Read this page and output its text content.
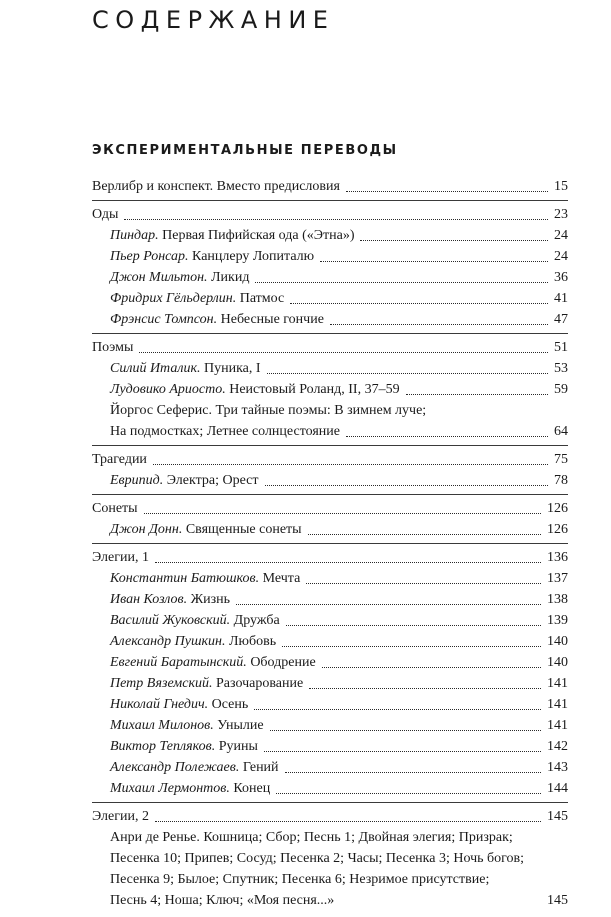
СОДЕРЖАНИЕ
ЭКСПЕРИМЕНТАЛЬНЫЕ ПЕРЕВОДЫ
Верлибр и конспект. Вместо предисловия	15
Оды	23
Пиндар. Первая Пифийская ода («Этна»)	24
Пьер Ронсар. Канцлеру Лопиталю	24
Джон Мильтон. Ликид	36
Фридрих Гёльдерлин. Патмос	41
Фрэнсис Томпсон. Небесные гончие	47
Поэмы	51
Силий Италик. Пуника, I	53
Лудовико Ариосто. Неистовый Роланд, II, 37–59	59
Йоргос Сеферис. Три тайные поэмы: В зимнем луче;
На подмостках; Летнее солнцестояние	64
Трагедии	75
Еврипид. Электра; Орест	78
Сонеты	126
Джон Донн. Священные сонеты	126
Элегии, 1	136
Константин Батюшков. Мечта	137
Иван Козлов. Жизнь	138
Василий Жуковский. Дружба	139
Александр Пушкин. Любовь	140
Евгений Баратынский. Ободрение	140
Петр Вяземский. Разочарование	141
Николай Гнедич. Осень	141
Михаил Милонов. Унылие	141
Виктор Тепляков. Руины	142
Александр Полежаев. Гений	143
Михаил Лермонтов. Конец	144
Элегии, 2	145
Анри де Ренье. Кошница; Сбор; Песнь 1; Двойная элегия; Призрак;
Песенка 10; Припев; Сосуд; Песенка 2; Часы; Песенка 3; Ночь богов;
Песенка 9; Былое; Спутник; Песенка 6; Незримое присутствие;
Песнь 4; Ноша; Ключ; «Моя песня...»	145
